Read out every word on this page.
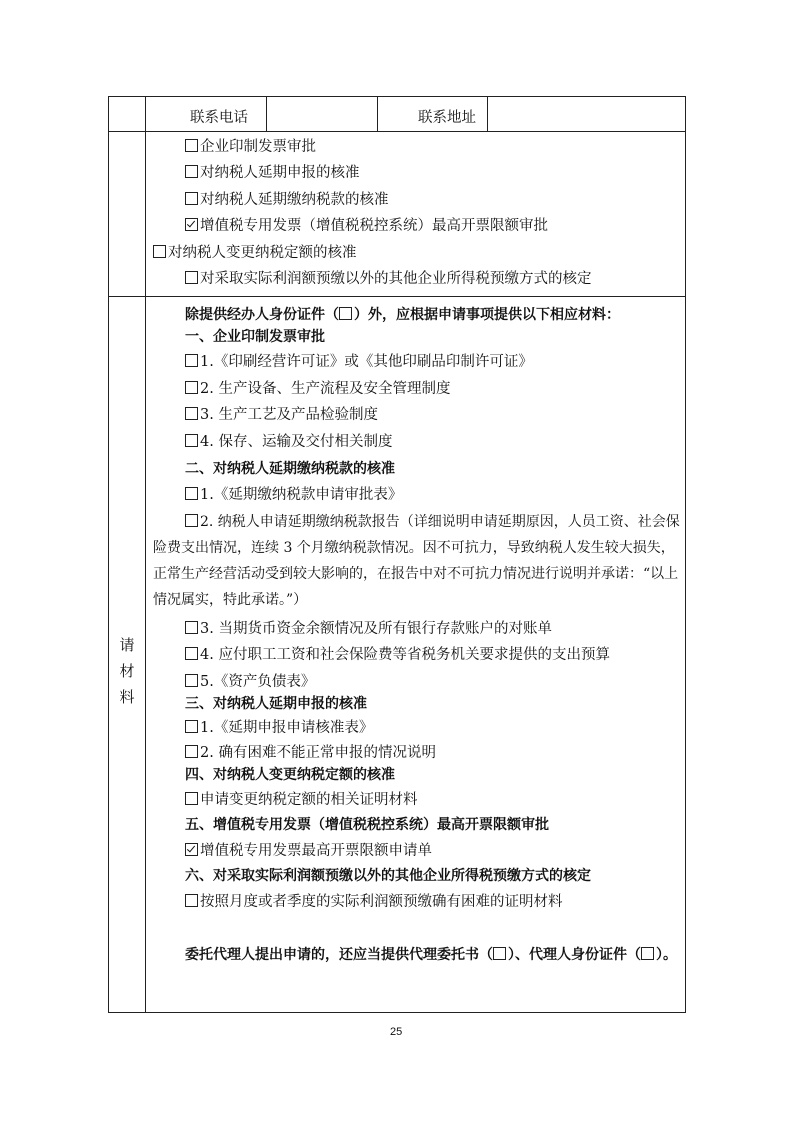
联系电话	联系地址
企业印制发票审批
对纳税人延期申报的核准
对纳税人延期缴纳税款的核准
增值税专用发票（增值税税控系统）最高开票限额审批
对纳税人变更纳税定额的核准
对采取实际利润额预缴以外的其他企业所得税预缴方式的核定
请材料
除提供经办人身份证件（ ）外，应根据申请事项提供以下相应材料：
一、企业印制发票审批
1.《印刷经营许可证》或《其他印刷品印制许可证》
2. 生产设备、生产流程及安全管理制度
3. 生产工艺及产品检验制度
4. 保存、运输及交付相关制度
二、对纳税人延期缴纳税款的核准
1.《延期缴纳税款申请审批表》
2. 纳税人申请延期缴纳税款报告（详细说明申请延期原因，人员工资、社会保险费支出情况，连续 3 个月缴纳税款情况。因不可抗力，导致纳税人发生较大损失，正常生产经营活动受到较大影响的，在报告中对不可抗力情况进行说明并承诺：“以上情况属实，特此承诺。”）
3. 当期货币资金余额情况及所有银行存款账户的对账单
4. 应付职工工资和社会保险费等省税务机关要求提供的支出预算
5.《资产负债表》
三、对纳税人延期申报的核准
1.《延期申报申请核准表》
2. 确有困难不能正常申报的情况说明
四、对纳税人变更纳税定额的核准
申请变更纳税定额的相关证明材料
五、增值税专用发票（增值税税控系统）最高开票限额审批
增值税专用发票最高开票限额申请单
六、对采取实际利润额预缴以外的其他企业所得税预缴方式的核定
按照月度或者季度的实际利润额预缴确有困难的证明材料
委托代理人提出申请的，还应当提供代理委托书（ ）、代理人身份证件（ ）。
25
